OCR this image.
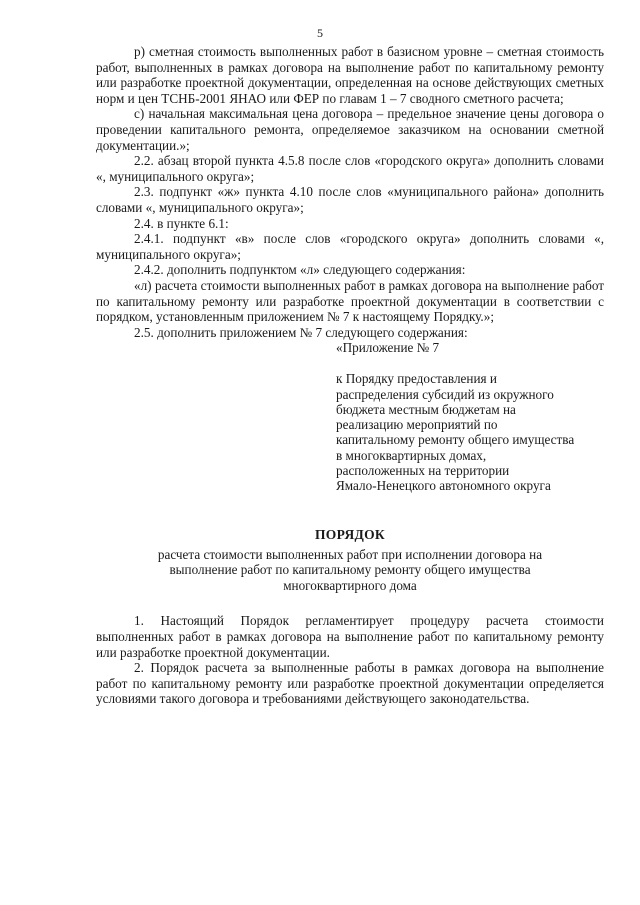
5

р) сметная стоимость выполненных работ в базисном уровне – сметная стоимость работ, выполненных в рамках договора на выполнение работ по капитальному ремонту или разработке проектной документации, определенная на основе действующих сметных норм и цен ТСНБ-2001 ЯНАО или ФЕР по главам 1 – 7 сводного сметного расчета;

с) начальная максимальная цена договора – предельное значение цены договора о проведении капитального ремонта, определяемое заказчиком на основании сметной документации.»;

2.2. абзац второй пункта 4.5.8 после слов «городского округа» дополнить словами «, муниципального округа»;

2.3. подпункт «ж» пункта 4.10 после слов «муниципального района» дополнить словами «, муниципального округа»;

2.4. в пункте 6.1:

2.4.1. подпункт «в» после слов «городского округа» дополнить словами «, муниципального округа»;

2.4.2. дополнить подпунктом «л» следующего содержания:

«л) расчета стоимости выполненных работ в рамках договора на выполнение работ по капитальному ремонту или разработке проектной документации в соответствии с порядком, установленным приложением № 7 к настоящему Порядку.»;

2.5. дополнить приложением № 7 следующего содержания:

«Приложение № 7
к Порядку предоставления и
распределения субсидий из окружного
бюджета местным бюджетам на
реализацию мероприятий по
капитальному ремонту общего имущества
в многоквартирных домах,
расположенных на территории
Ямало-Ненецкого автономного округа
ПОРЯДОК
расчета стоимости выполненных работ при исполнении договора на выполнение работ по капитальному ремонту общего имущества многоквартирного дома

1. Настоящий Порядок регламентирует процедуру расчета стоимости выполненных работ в рамках договора на выполнение работ по капитальному ремонту или разработке проектной документации.

2. Порядок расчета за выполненные работы в рамках договора на выполнение работ по капитальному ремонту или разработке проектной документации определяется условиями такого договора и требованиями действующего законодательства.
